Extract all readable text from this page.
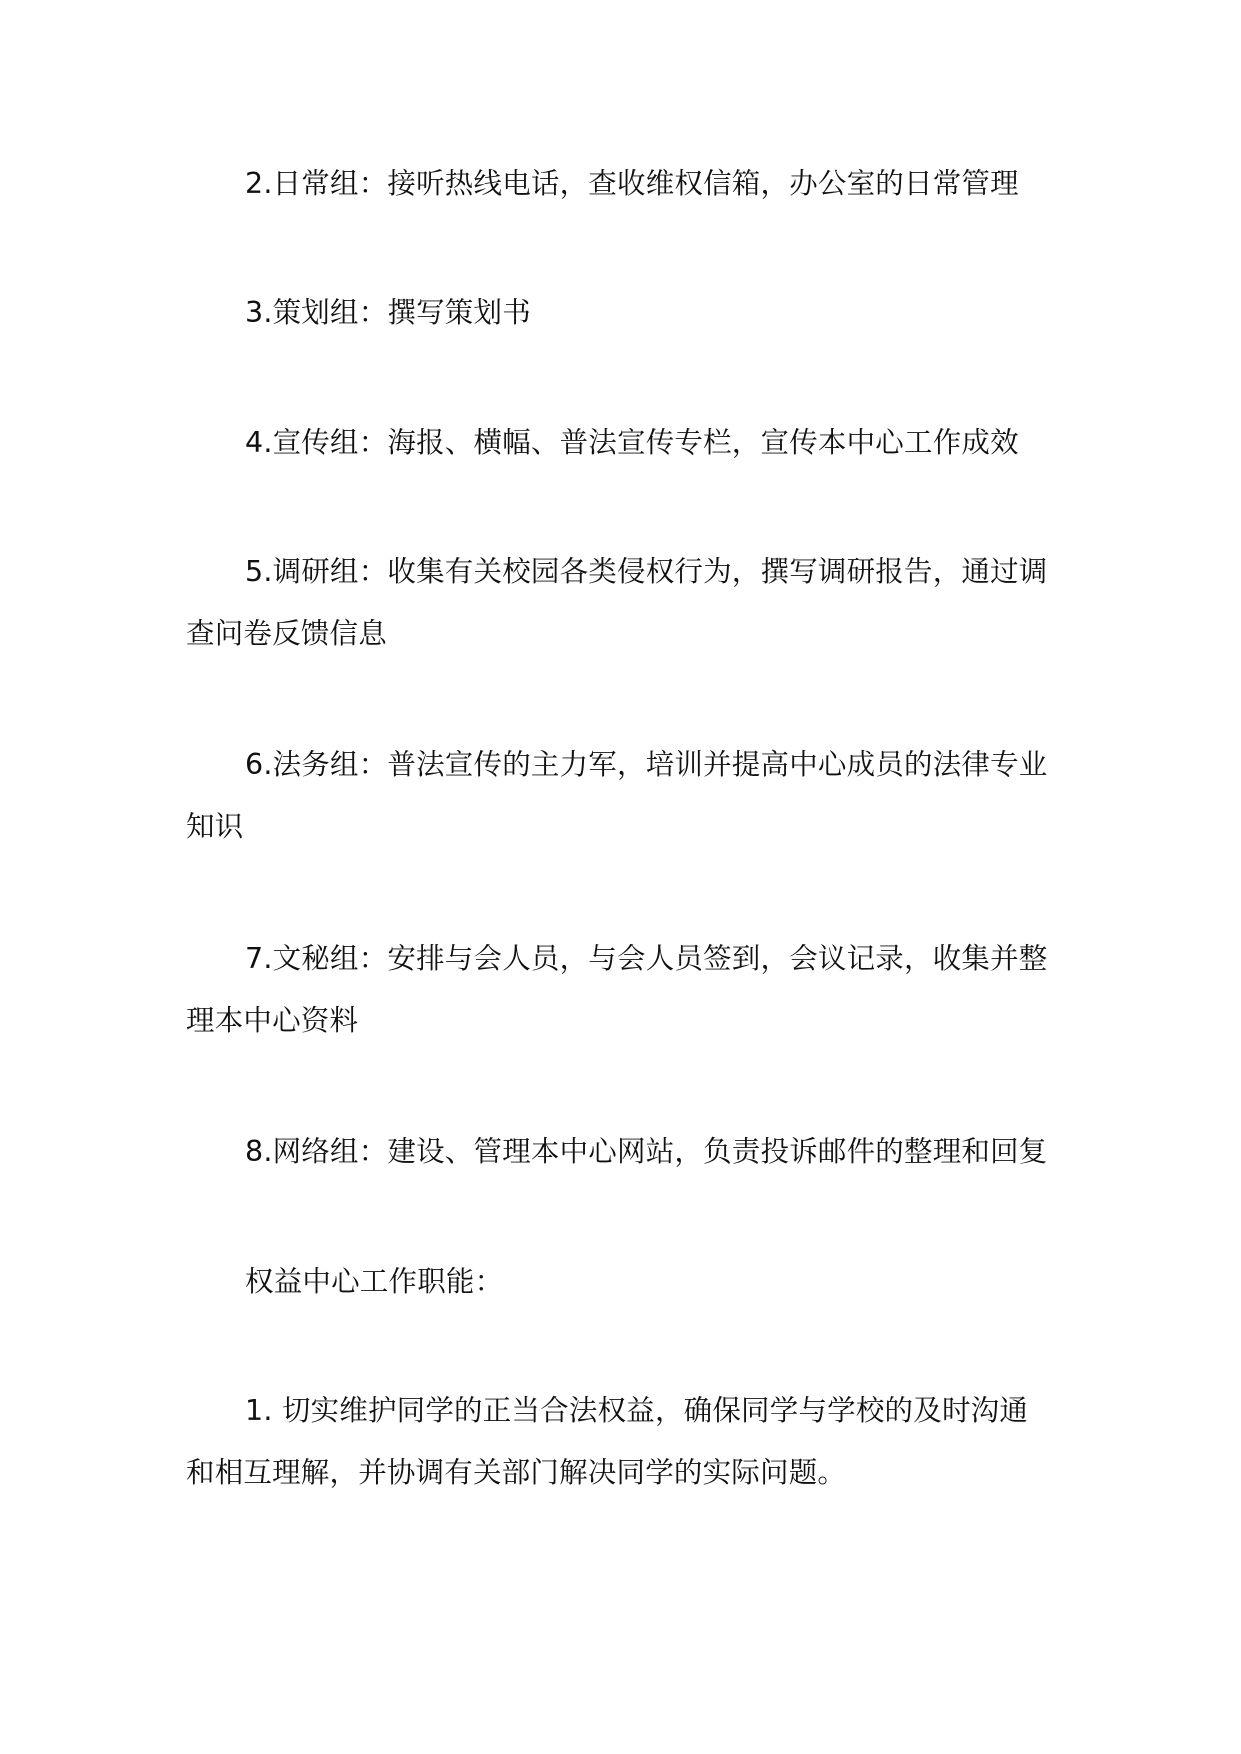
2.日常组：接听热线电话，查收维权信箱，办公室的日常管理

3.策划组：撰写策划书

4.宣传组：海报、横幅、普法宣传专栏，宣传本中心工作成效

5.调研组：收集有关校园各类侵权行为，撰写调研报告，通过调查问卷反馈信息

6.法务组：普法宣传的主力军，培训并提高中心成员的法律专业知识

7.文秘组：安排与会人员，与会人员签到，会议记录，收集并整理本中心资料

8.网络组：建设、管理本中心网站，负责投诉邮件的整理和回复

权益中心工作职能：

1. 切实维护同学的正当合法权益，确保同学与学校的及时沟通和相互理解，并协调有关部门解决同学的实际问题。
